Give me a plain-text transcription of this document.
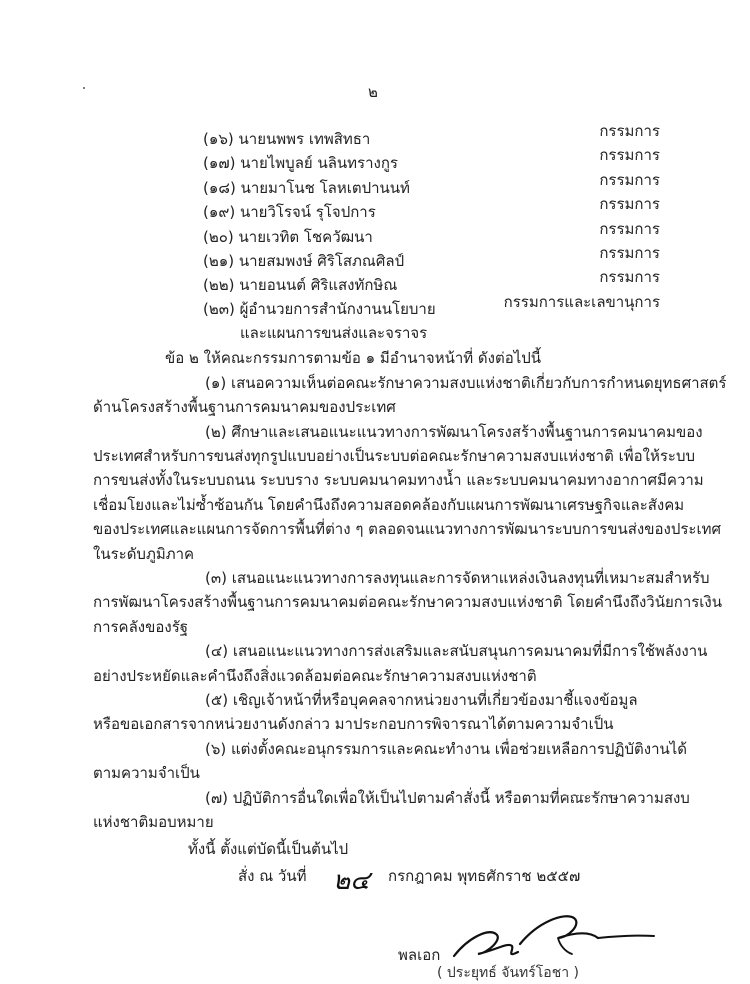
๒
(๑๖) นายนพพร เทพสิทธา	กรรมการ
(๑๗) นายไพบูลย์ นลินทรางกูร	กรรมการ
(๑๘) นายมาโนช โลหเตปานนท์	กรรมการ
(๑๙) นายวิโรจน์ รุโจปการ	กรรมการ
(๒๐) นายเวทิต โชควัฒนา	กรรมการ
(๒๑) นายสมพงษ์ ศิริโสภณศิลป์	กรรมการ
(๒๒) นายอนนต์ ศิริแสงทักษิณ	กรรมการ
(๒๓) ผู้อำนวยการสำนักงานนโยบาย	กรรมการและเลขานุการ
และแผนการขนส่งและจราจร
ข้อ ๒ ให้คณะกรรมการตามข้อ ๑ มีอำนาจหน้าที่ ดังต่อไปนี้
(๑) เสนอความเห็นต่อคณะรักษาความสงบแห่งชาติเกี่ยวกับการกำหนดยุทธศาสตร์
ด้านโครงสร้างพื้นฐานการคมนาคมของประเทศ
(๒) ศึกษาและเสนอแนะแนวทางการพัฒนาโครงสร้างพื้นฐานการคมนาคมของ
ประเทศสำหรับการขนส่งทุกรูปแบบอย่างเป็นระบบต่อคณะรักษาความสงบแห่งชาติ เพื่อให้ระบบ
การขนส่งทั้งในระบบถนน ระบบราง ระบบคมนาคมทางน้ำ และระบบคมนาคมทางอากาศมีความ
เชื่อมโยงและไม่ซ้ำซ้อนกัน โดยคำนึงถึงความสอดคล้องกับแผนการพัฒนาเศรษฐกิจและสังคม
ของประเทศและแผนการจัดการพื้นที่ต่าง ๆ ตลอดจนแนวทางการพัฒนาระบบการขนส่งของประเทศ
ในระดับภูมิภาค
(๓) เสนอแนะแนวทางการลงทุนและการจัดหาแหล่งเงินลงทุนที่เหมาะสมสำหรับ
การพัฒนาโครงสร้างพื้นฐานการคมนาคมต่อคณะรักษาความสงบแห่งชาติ โดยคำนึงถึงวินัยการเงิน
การคลังของรัฐ
(๔) เสนอแนะแนวทางการส่งเสริมและสนับสนุนการคมนาคมที่มีการใช้พลังงาน
อย่างประหยัดและคำนึงถึงสิ่งแวดล้อมต่อคณะรักษาความสงบแห่งชาติ
(๕) เชิญเจ้าหน้าที่หรือบุคคลจากหน่วยงานที่เกี่ยวข้องมาชี้แจงข้อมูล
หรือขอเอกสารจากหน่วยงานดังกล่าว มาประกอบการพิจารณาได้ตามความจำเป็น
(๖) แต่งตั้งคณะอนุกรรมการและคณะทำงาน เพื่อช่วยเหลือการปฏิบัติงานได้
ตามความจำเป็น
(๗) ปฏิบัติการอื่นใดเพื่อให้เป็นไปตามคำสั่งนี้ หรือตามที่คณะรักษาความสงบ
แห่งชาติมอบหมาย
ทั้งนี้ ตั้งแต่บัดนี้เป็นต้นไป
สั่ง ณ วันที่ ๒๔ กรกฎาคม พุทธศักราช ๒๕๕๗
พลเอก
( ประยุทธ์ จันทร์โอชา )
